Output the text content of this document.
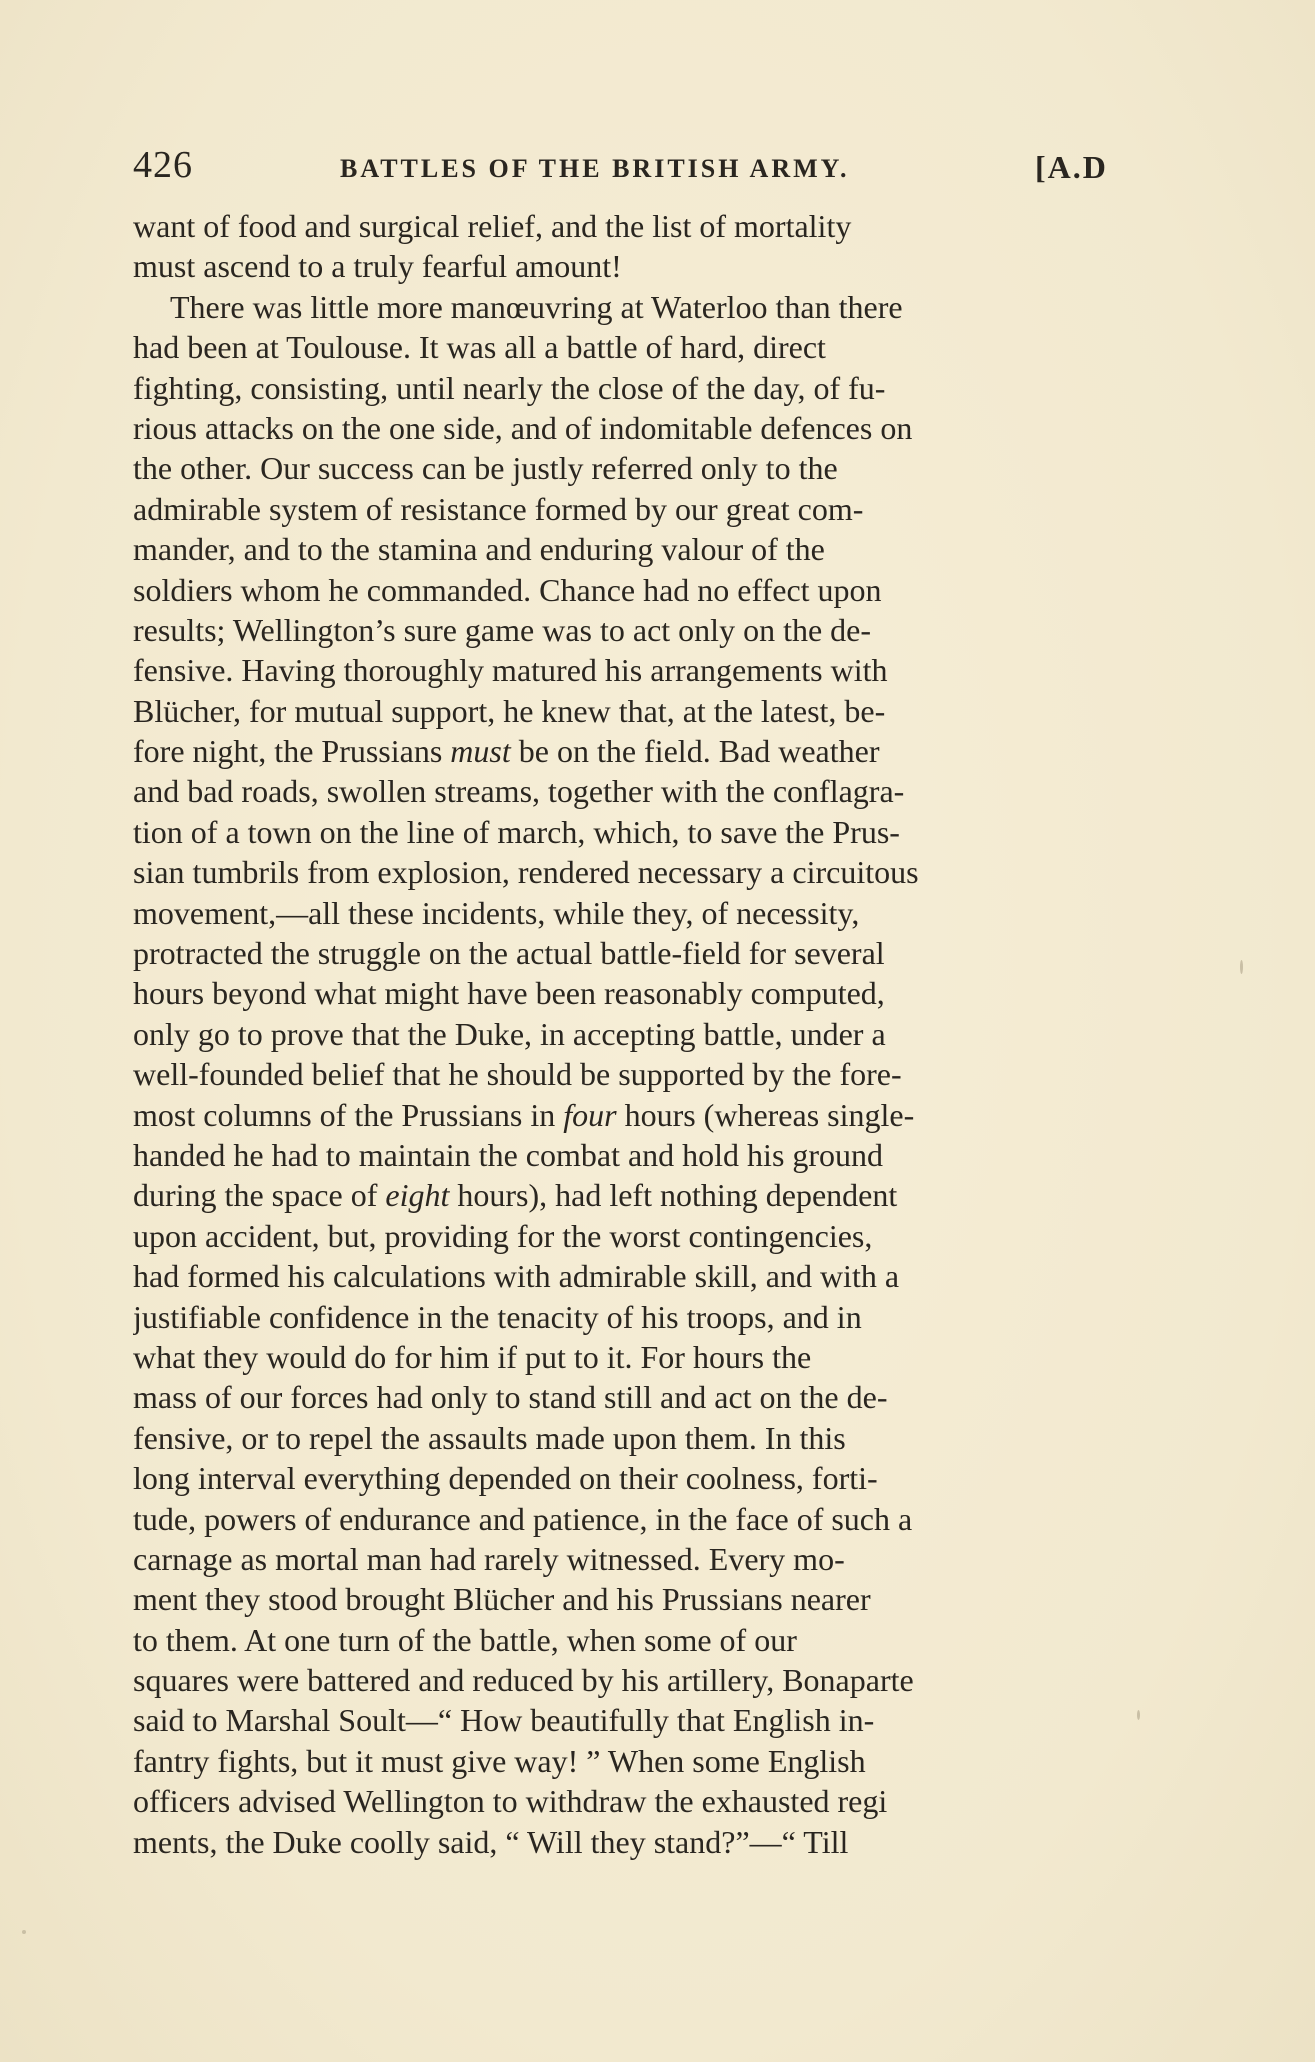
426	BATTLES OF THE BRITISH ARMY.	[A.D
want of food and surgical relief, and the list of mortality
must ascend to a truly fearful amount!
There was little more manœuvring at Waterloo than there
had been at Toulouse. It was all a battle of hard, direct
fighting, consisting, until nearly the close of the day, of fu-
rious attacks on the one side, and of indomitable defences on
the other. Our success can be justly referred only to the
admirable system of resistance formed by our great com-
mander, and to the stamina and enduring valour of the
soldiers whom he commanded. Chance had no effect upon
results; Wellington’s sure game was to act only on the de-
fensive. Having thoroughly matured his arrangements with
Blücher, for mutual support, he knew that, at the latest, be-
fore night, the Prussians must be on the field. Bad weather
and bad roads, swollen streams, together with the conflagra-
tion of a town on the line of march, which, to save the Prus-
sian tumbrils from explosion, rendered necessary a circuitous
movement,—all these incidents, while they, of necessity,
protracted the struggle on the actual battle-field for several
hours beyond what might have been reasonably computed,
only go to prove that the Duke, in accepting battle, under a
well-founded belief that he should be supported by the fore-
most columns of the Prussians in four hours (whereas single-
handed he had to maintain the combat and hold his ground
during the space of eight hours), had left nothing dependent
upon accident, but, providing for the worst contingencies,
had formed his calculations with admirable skill, and with a
justifiable confidence in the tenacity of his troops, and in
what they would do for him if put to it. For hours the
mass of our forces had only to stand still and act on the de-
fensive, or to repel the assaults made upon them. In this
long interval everything depended on their coolness, forti-
tude, powers of endurance and patience, in the face of such a
carnage as mortal man had rarely witnessed. Every mo-
ment they stood brought Blücher and his Prussians nearer
to them. At one turn of the battle, when some of our
squares were battered and reduced by his artillery, Bonaparte
said to Marshal Soult—“ How beautifully that English in-
fantry fights, but it must give way! ” When some English
officers advised Wellington to withdraw the exhausted regi
ments, the Duke coolly said, “ Will they stand?”—“ Till
